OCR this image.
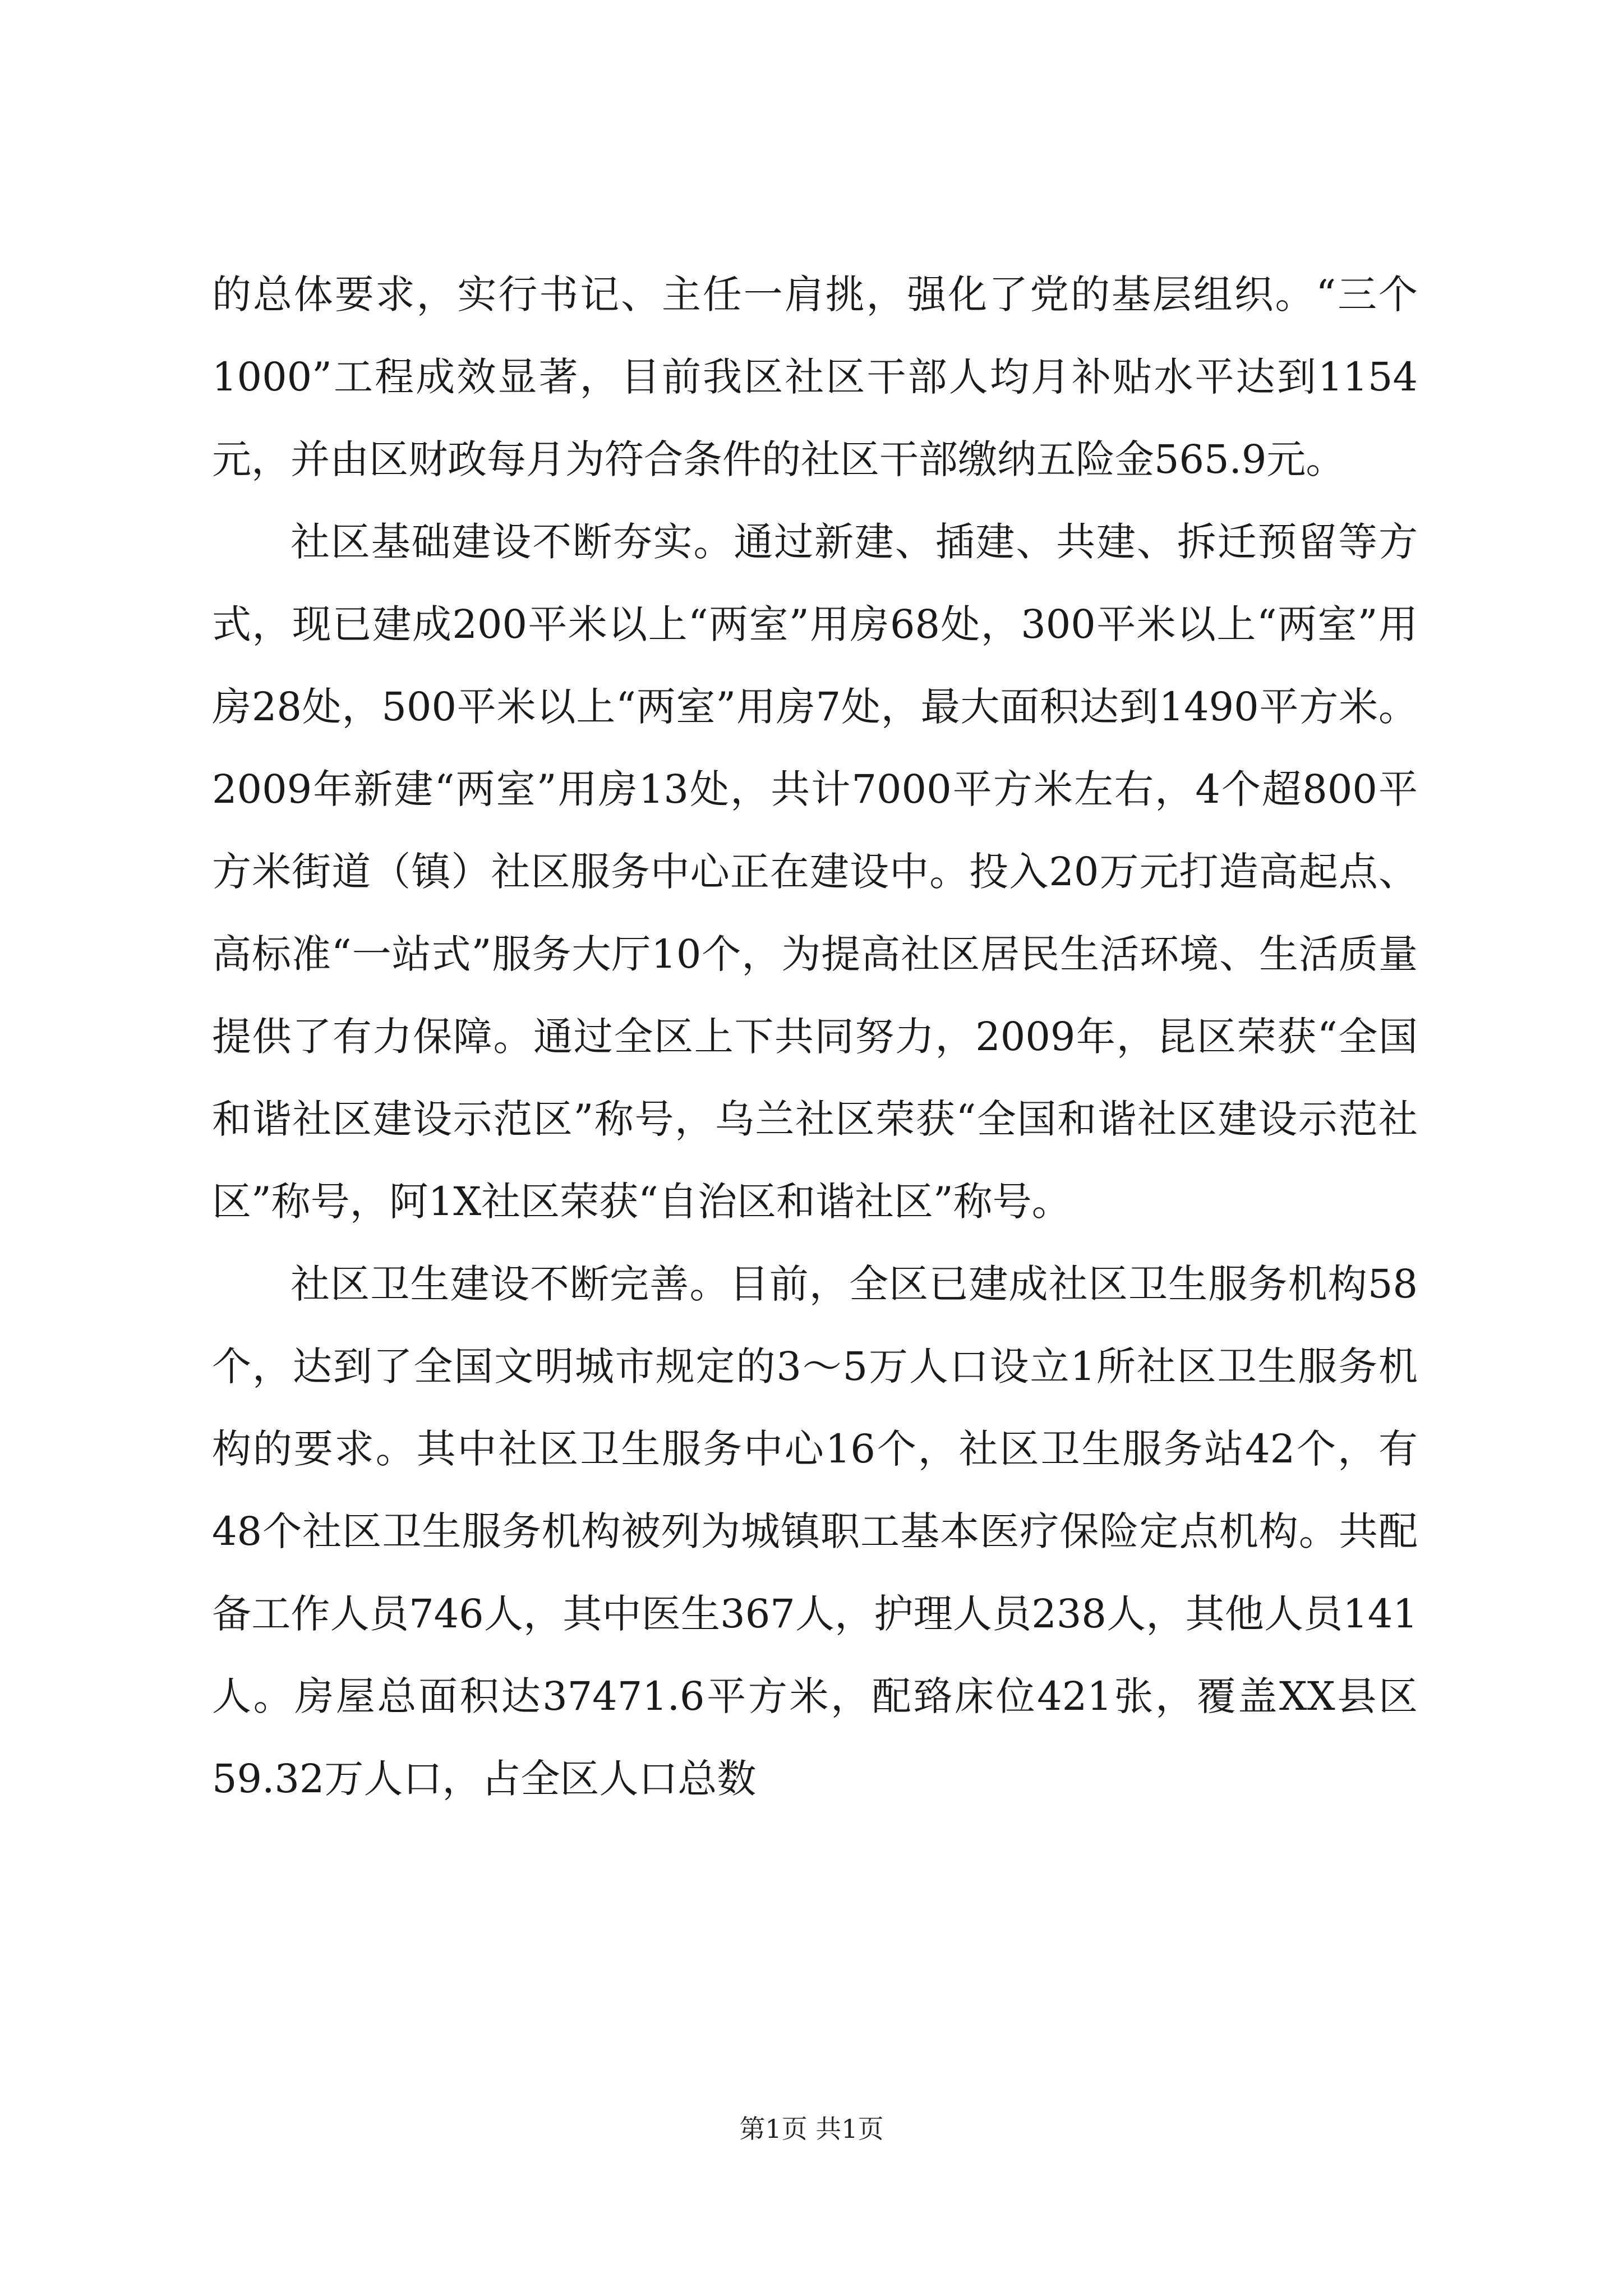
的总体要求，实行书记、主任一肩挑，强化了党的基层组织。“三个1000”工程成效显著，目前我区社区干部人均月补贴水平达到1154元，并由区财政每月为符合条件的社区干部缴纳五险金565.9元。

社区基础建设不断夯实。通过新建、插建、共建、拆迁预留等方式，现已建成200平米以上“两室”用房68处，300平米以上“两室”用房28处，500平米以上“两室”用房7处，最大面积达到1490平方米。2009年新建“两室”用房13处，共计7000平方米左右，4个超800平方米街道（镇）社区服务中心正在建设中。投入20万元打造高起点、高标准“一站式”服务大厅10个，为提高社区居民生活环境、生活质量提供了有力保障。通过全区上下共同努力，2009年，昆区荣获“全国和谐社区建设示范区”称号，乌兰社区荣获“全国和谐社区建设示范社区”称号，阿1X社区荣获“自治区和谐社区”称号。

社区卫生建设不断完善。目前，全区已建成社区卫生服务机构58个，达到了全国文明城市规定的3～5万人口设立1所社区卫生服务机构的要求。其中社区卫生服务中心16个，社区卫生服务站42个，有48个社区卫生服务机构被列为城镇职工基本医疗保险定点机构。共配备工作人员746人，其中医生367人，护理人员238人，其他人员141人。房屋总面积达37471.6平方米，配臵床位421张，覆盖XX县区59.32万人口，占全区人口总数

第1页 共1页
